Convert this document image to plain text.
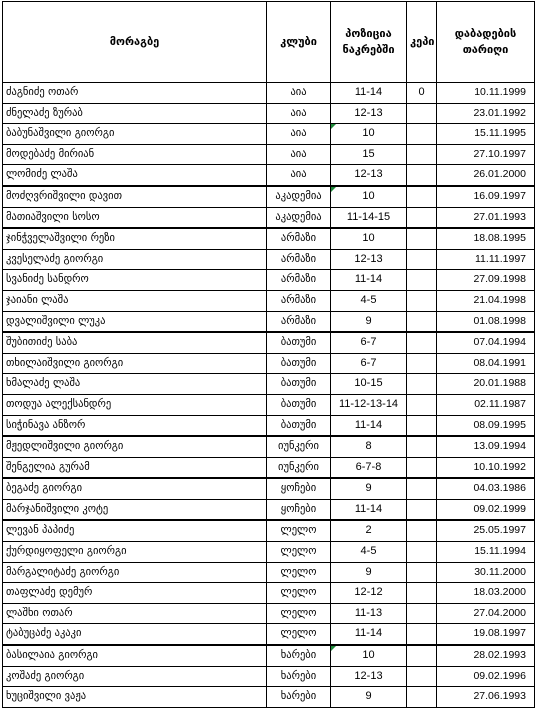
მორაგბე	კლუბი	პოზიცია ნაკრებში	კეპი	დაბადების თარიღი
ძაგნიძე ოთარ	აია	11-14	0	10.11.1999
ძნელაძე ზურაბ	აია	12-13		23.01.1992
ბაბუნაშვილი გიორგი	აია	10		15.11.1995
მოდებაძე მირიან	აია	15		27.10.1997
ლომიძე ლაშა	აია	12-13		26.01.2000
მოძღვრიშვილი დავით	აკადემია	10		16.09.1997
მათიაშვილი სოსო	აკადემია	11-14-15		27.01.1993
ჯინჭველაშვილი რეზი	არმაზი	10		18.08.1995
კვესელაძე გიორგი	არმაზი	12-13		11.11.1997
სვანიძე სანდრო	არმაზი	11-14		27.09.1998
ჯაიანი ლაშა	არმაზი	4-5		21.04.1998
დვალიშვილი ლუკა	არმაზი	9		01.08.1998
შუბითიძე საბა	ბათუმი	6-7		07.04.1994
თხილაიშვილი გიორგი	ბათუმი	6-7		08.04.1991
ხმალაძე ლაშა	ბათუმი	10-15		20.01.1988
თოდუა ალექსანდრე	ბათუმი	11-12-13-14		02.11.1987
სიჭინავა ანზორ	ბათუმი	11-14		08.09.1995
მჟედლიშვილი გიორგი	იუნკერი	8		13.09.1994
შენგელია გურამ	იუნკერი	6-7-8		10.10.1992
ბეგაძე გიორგი	ყოჩები	9		04.03.1986
მარჯანიშვილი კოტე	ყოჩები	11-14		09.02.1999
ლევან პაპიძე	ლელო	2		25.05.1997
ქურდიყოფელი გიორგი	ლელო	4-5		15.11.1994
მარგალიტაძე გიორგი	ლელო	9		30.11.2000
თაფლაძე დემურ	ლელო	12-12		18.03.2000
ლაშხი ოთარ	ლელო	11-13		27.04.2000
ტაბუცაძე აკაკი	ლელო	11-14		19.08.1997
ბასილაია გიორგი	ხარები	10		28.02.1993
კოშაძე გიორგი	ხარები	12-13		09.02.1996
ხუციშვილი ვაჟა	ხარები	9		27.06.1993
